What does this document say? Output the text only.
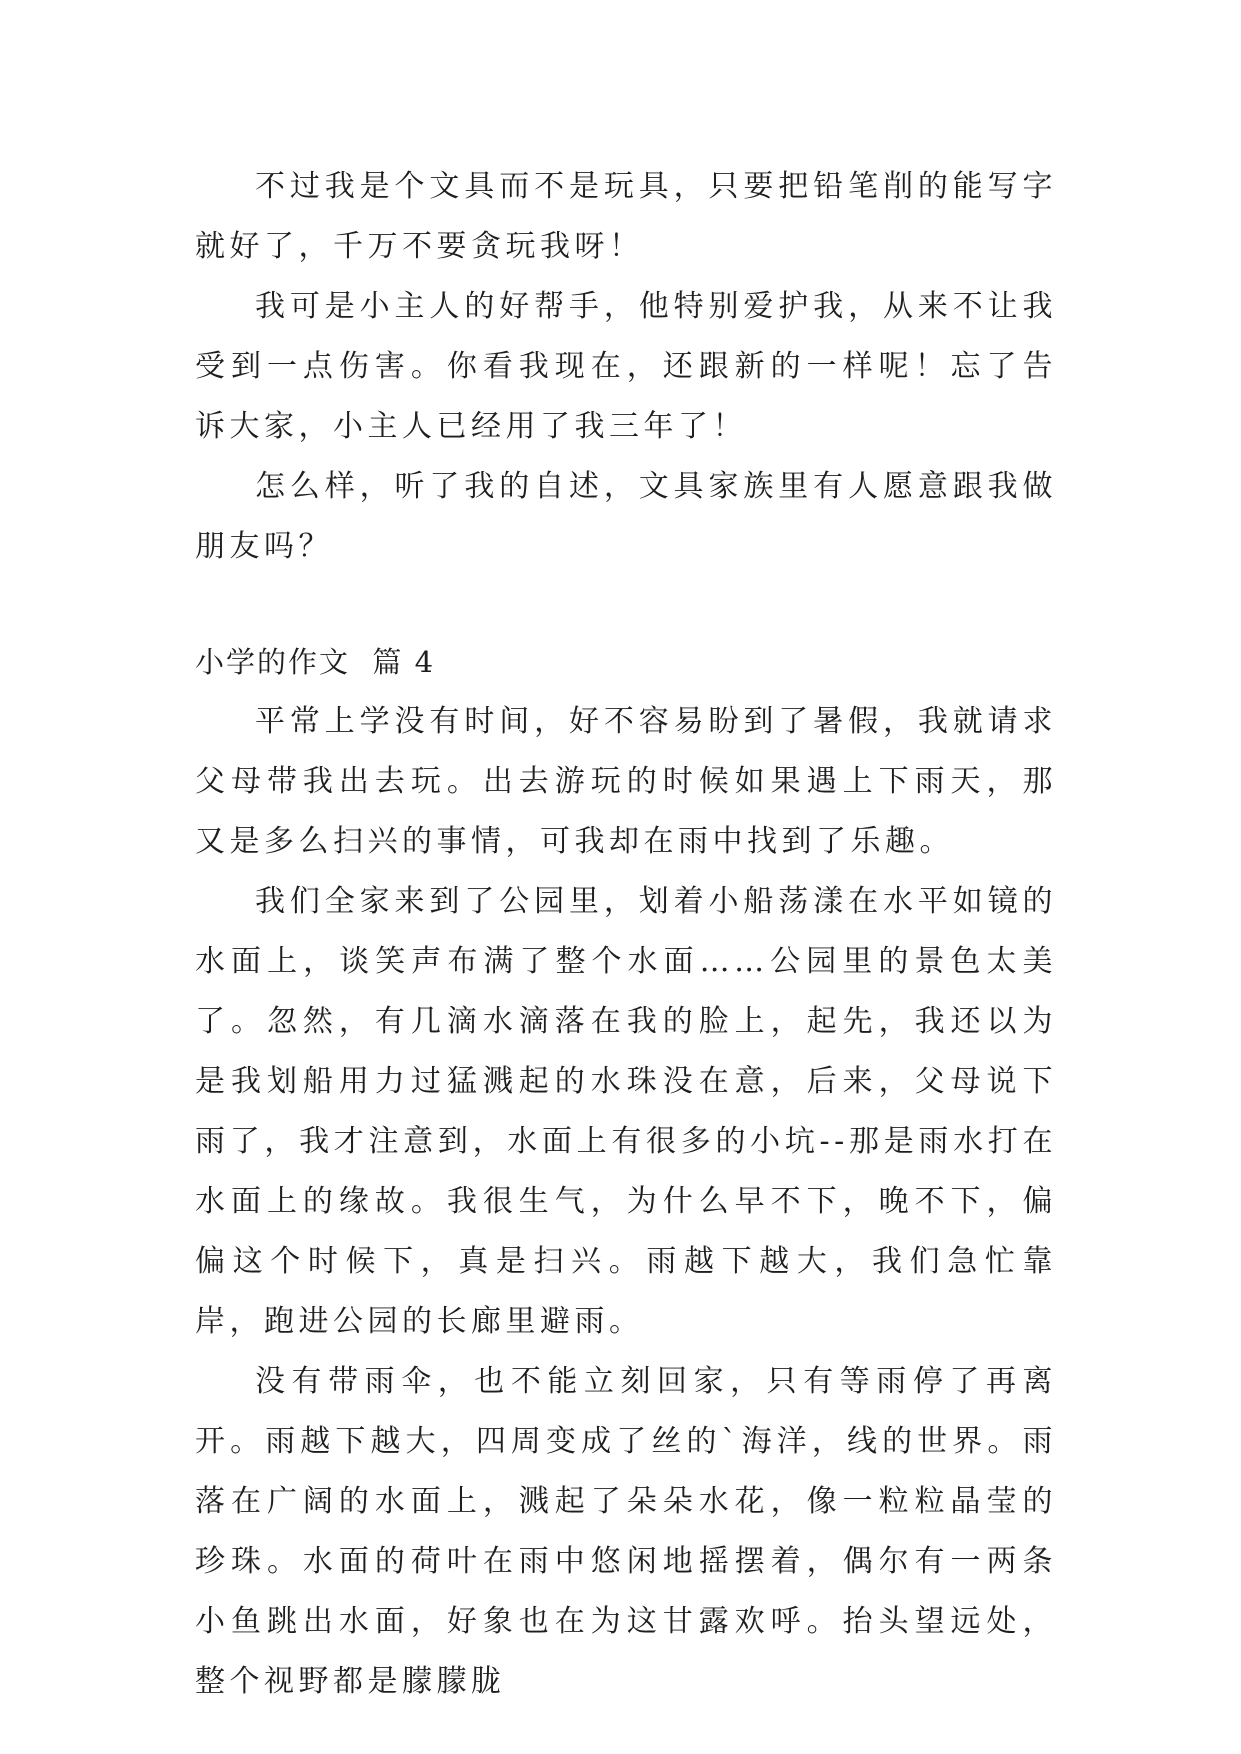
不过我是个文具而不是玩具，只要把铅笔削的能写字就好了，千万不要贪玩我呀！

我可是小主人的好帮手，他特别爱护我，从来不让我受到一点伤害。你看我现在，还跟新的一样呢！忘了告诉大家，小主人已经用了我三年了！

怎么样，听了我的自述，文具家族里有人愿意跟我做朋友吗？

小学的作文  篇 4

平常上学没有时间，好不容易盼到了暑假，我就请求父母带我出去玩。出去游玩的时候如果遇上下雨天，那又是多么扫兴的事情，可我却在雨中找到了乐趣。

我们全家来到了公园里，划着小船荡漾在水平如镜的水面上，谈笑声布满了整个水面……公园里的景色太美了。忽然，有几滴水滴落在我的脸上，起先，我还以为是我划船用力过猛溅起的水珠没在意，后来，父母说下雨了，我才注意到，水面上有很多的小坑--那是雨水打在水面上的缘故。我很生气，为什么早不下，晚不下，偏偏这个时候下，真是扫兴。雨越下越大，我们急忙靠岸，跑进公园的长廊里避雨。

没有带雨伞，也不能立刻回家，只有等雨停了再离开。雨越下越大，四周变成了丝的`海洋，线的世界。雨落在广阔的水面上，溅起了朵朵水花，像一粒粒晶莹的珍珠。水面的荷叶在雨中悠闲地摇摆着，偶尔有一两条小鱼跳出水面，好象也在为这甘露欢呼。抬头望远处，整个视野都是朦朦胧
